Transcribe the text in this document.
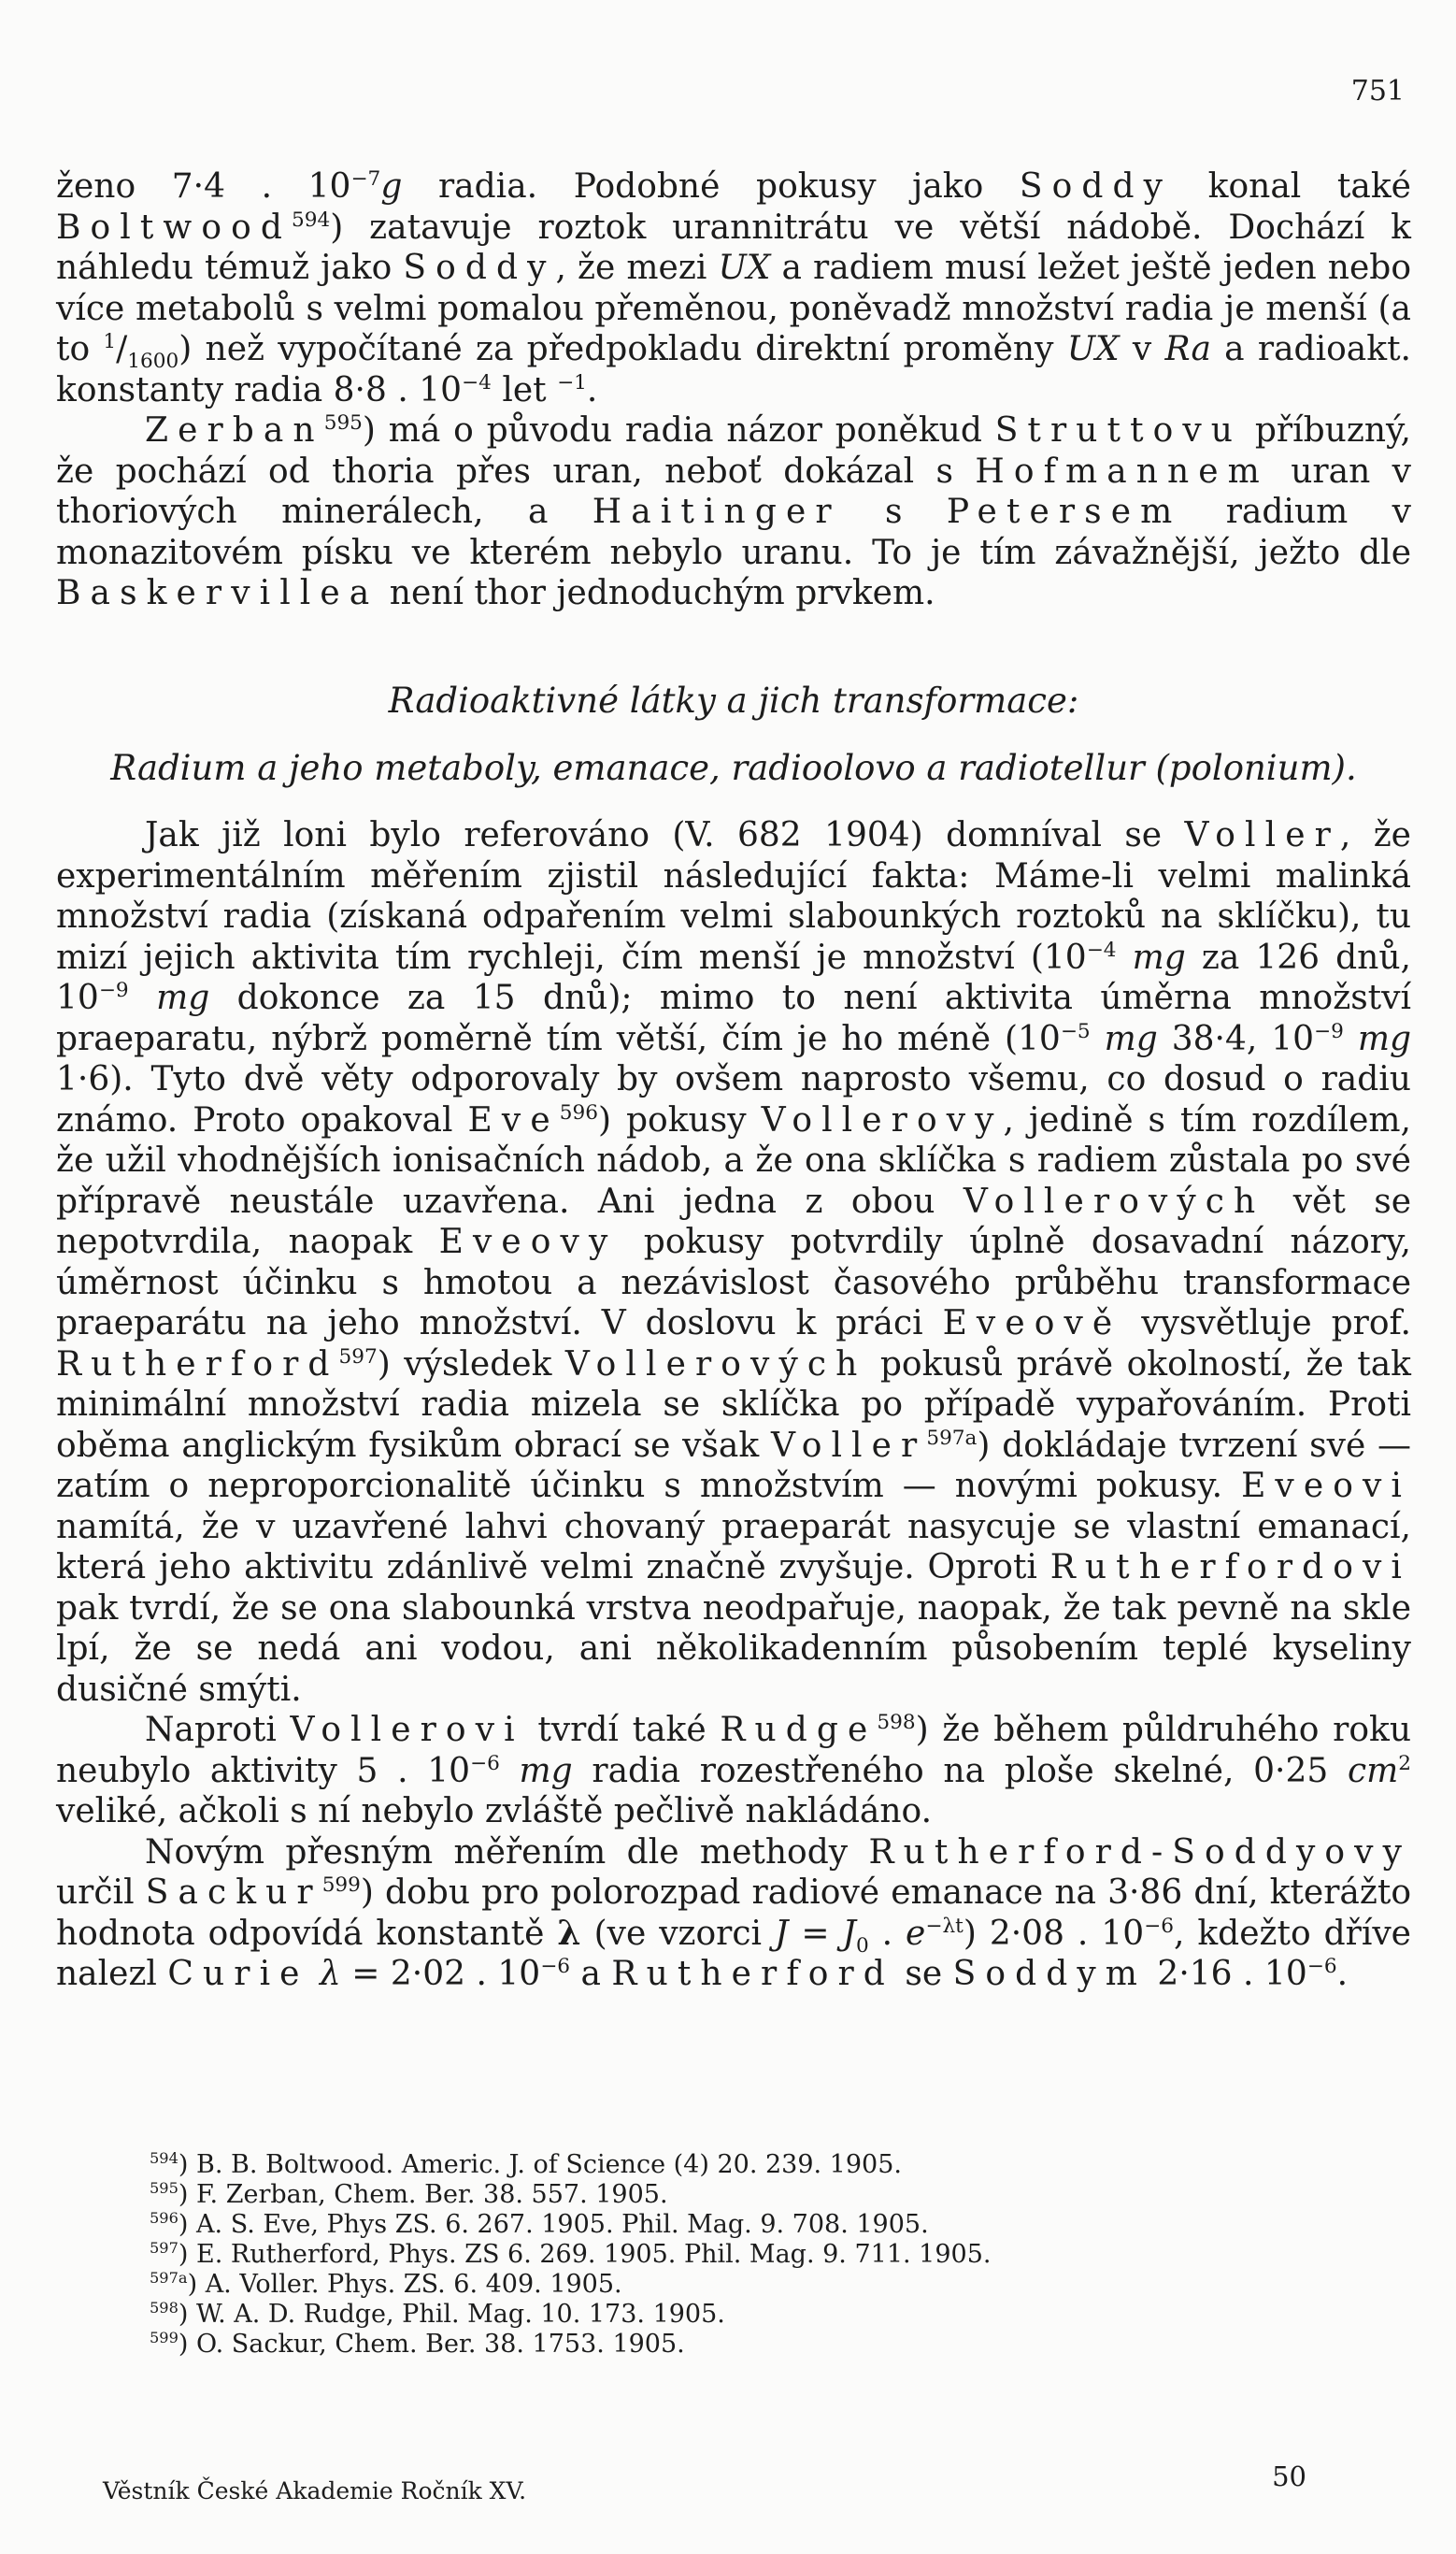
751

ženo 7·4 . $10^{-7}g$ radia. Podobné pokusy jako Soddy konal také Boltwood$^{594}$) zatavuje roztok urannitrátu ve větší nádobě. Dochází k náhledu témuž jako Soddy, že mezi UX a radiem musí ležet ještě jeden nebo více metabolů s velmi pomalou přeměnou, poněvadž množství radia je menší (a to $^1/_{1600}$) než vypočítané za předpokladu direktní proměny UX v Ra a radioakt. konstanty radia 8·8 . $10^{-4}$ let $^{-1}$.

Zerban$^{595}$) má o původu radia názor poněkud Struttovu příbuzný, že pochází od thoria přes uran, neboť dokázal s Hofmannem uran v thoriových minerálech, a Haitinger s Petersem radium v monazitovém písku ve kterém nebylo uranu. To je tím závažnější, ježto dle Baskervillea není thor jednoduchým prvkem.

Radioaktivné látky a jich transformace:
Radium a jeho metaboly, emanace, radioolovo a radiotellur (polonium).

Jak již loni bylo referováno (V. 682 1904) domníval se Voller, že experimentálním měřením zjistil následující fakta: Máme-li velmi malinká množství radia (získaná odpařením velmi slabounkých roztoků na sklíčku), tu mizí jejich aktivita tím rychleji, čím menší je množství ($10^{-4}$ mg za 126 dnů, $10^{-9}$ mg dokonce za 15 dnů); mimo to není aktivita úměrna množství praeparatu, nýbrž poměrně tím větší, čím je ho méně ($10^{-5}$ mg 38·4, $10^{-9}$ mg 1·6). Tyto dvě věty odporovaly by ovšem naprosto všemu, co dosud o radiu známo. Proto opakoval Eve$^{596}$) pokusy Vollerovy, jedině s tím rozdílem, že užil vhodnějších ionisačních nádob, a že ona sklíčka s radiem zůstala po své přípravě neustále uzavřena. Ani jedna z obou Vollerových vět se nepotvrdila, naopak Eveovy pokusy potvrdily úplně dosavadní názory, úměrnost účinku s hmotou a nezávislost časového průběhu transformace praeparátu na jeho množství. V doslovu k práci Eveově vysvětluje prof. Rutherford$^{597}$) výsledek Vollerových pokusů právě okolností, že tak minimální množství radia mizela se sklíčka po případě vypařováním. Proti oběma anglickým fysikům obrací se však Voller$^{597a}$) dokládaje tvrzení své — zatím o neproporcionalitě účinku s množstvím — novými pokusy. Eveovi namítá, že v uzavřené lahvi chovaný praeparát nasycuje se vlastní emanací, která jeho aktivitu zdánlivě velmi značně zvyšuje. Oproti Rutherfordovi pak tvrdí, že se ona slabounká vrstva neodpařuje, naopak, že tak pevně na skle lpí, že se nedá ani vodou, ani několikadenním působením teplé kyseliny dusičné smýti.

Naproti Vollerovi tvrdí také Rudge$^{598}$) že během půldruhého roku neubylo aktivity 5 . $10^{-6}$ mg radia rozestřeného na ploše skelné, 0·25 $cm^2$ veliké, ačkoli s ní nebylo zvláště pečlivě nakládáno.

Novým přesným měřením dle methody Rutherford-Soddyovy určil Sackur$^{599}$) dobu pro polorozpad radiové emanace na 3·86 dní, kterážto hodnota odpovídá konstantě λ (ve vzorci $J = J_0$ . $e^{-\lambda t}$) 2·08 . $10^{-6}$, kdežto dříve nalezl Curie λ = 2·02 . $10^{-6}$ a Rutherford se Soddym 2·16 . $10^{-6}$.

$^{594}$) B. B. Boltwood. Americ. J. of Science (4) 20. 239. 1905.
$^{595}$) F. Zerban, Chem. Ber. 38. 557. 1905.
$^{596}$) A. S. Eve, Phys ZS. 6. 267. 1905. Phil. Mag. 9. 708. 1905.
$^{597}$) E. Rutherford, Phys. ZS 6. 269. 1905. Phil. Mag. 9. 711. 1905.
$^{597a}$) A. Voller. Phys. ZS. 6. 409. 1905.
$^{598}$) W. A. D. Rudge, Phil. Mag. 10. 173. 1905.
$^{599}$) O. Sackur, Chem. Ber. 38. 1753. 1905.
Věstník České Akademie Ročník XV.	50
